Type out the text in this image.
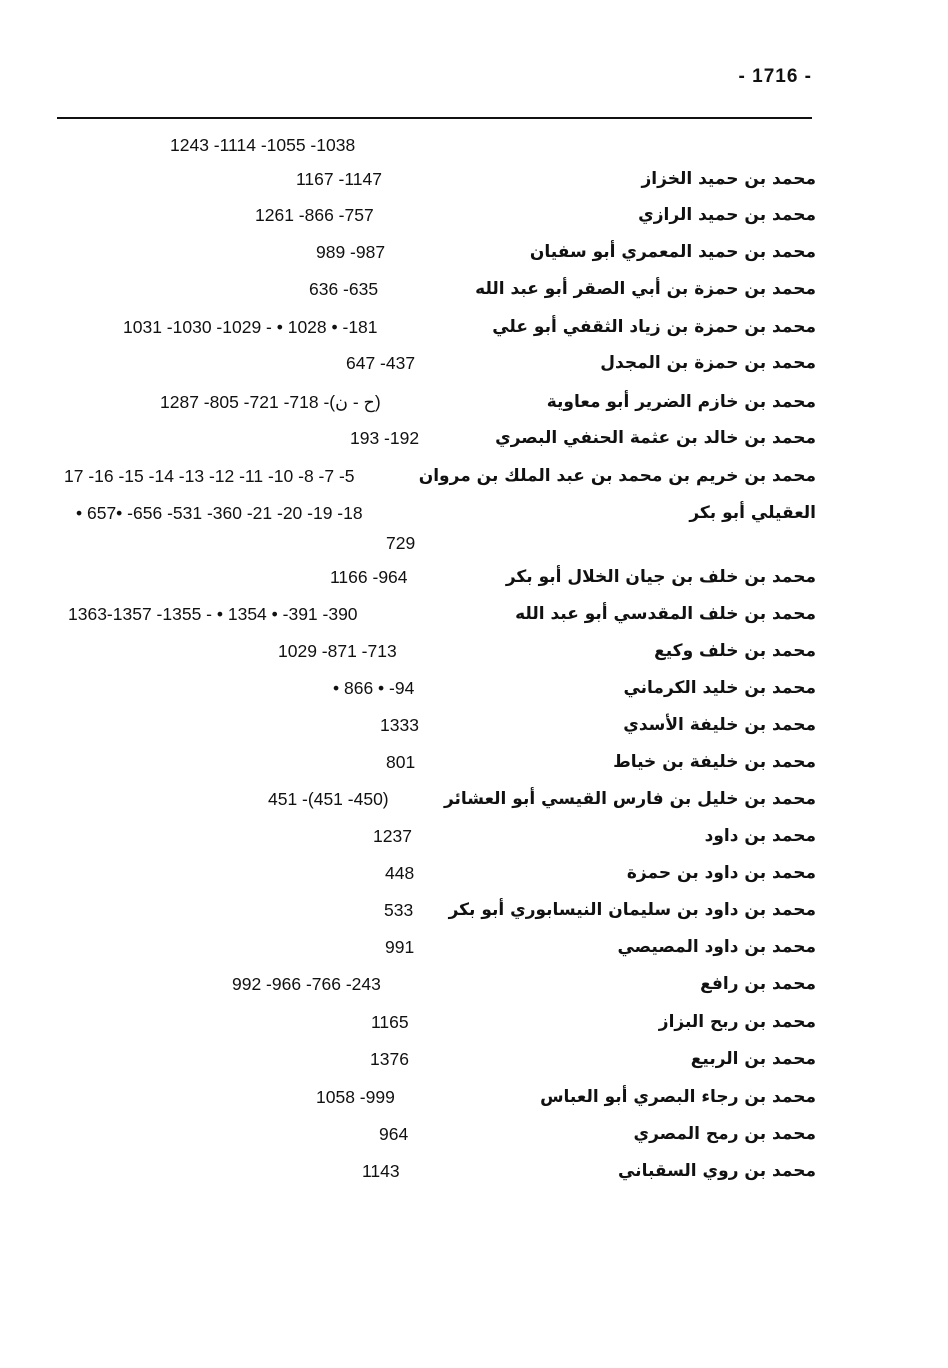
- 1716 -
1243 -1114 -1055 -1038
محمد بن حميد الخزاز
1167 -1147
محمد بن حميد الرازي
1261 -866 -757
محمد بن حميد المعمري أبو سفيان
989 -987
محمد بن حمزة بن أبي الصقر أبو عبد الله
636 -635
محمد بن حمزة بن زياد الثقفي أبو علي
1031 -1030 -1029 - • 1028 • -181
محمد بن حمزة بن المجدل
647 -437
محمد بن خازم الضرير أبو معاوية
1287 -805 -721 -718 -(ح - ن)
محمد بن خالد بن عثمة الحنفي البصري
193 -192
محمد بن خريم بن محمد بن عبد الملك بن مروان
17 -16 -15 -14 -13 -12 -11 -10 -8 -7 -5
العقيلي أبو بكر
• 657• -656 -531 -360 -21 -20 -19 -18
729
محمد بن خلف بن جيان الخلال أبو بكر
1166 -964
محمد بن خلف المقدسي أبو عبد الله
1363-1357 -1355 - • 1354 • -391 -390
محمد بن خلف وكيع
1029 -871 -713
محمد بن خليد الكرماني
• 866 • -94
محمد بن خليفة الأسدي
1333
محمد بن خليفة بن خياط
801
محمد بن خليل بن فارس القيسي أبو العشائر
451 -(451 -450)
محمد بن داود
1237
محمد بن داود بن حمزة
448
محمد بن داود بن سليمان النيسابوري أبو بكر
533
محمد بن داود المصيصي
991
محمد بن رافع
992 -966 -766 -243
محمد بن ربح البزاز
1165
محمد بن الربيع
1376
محمد بن رجاء البصري أبو العباس
1058 -999
محمد بن رمح المصري
964
محمد بن روي السقباني
1143
